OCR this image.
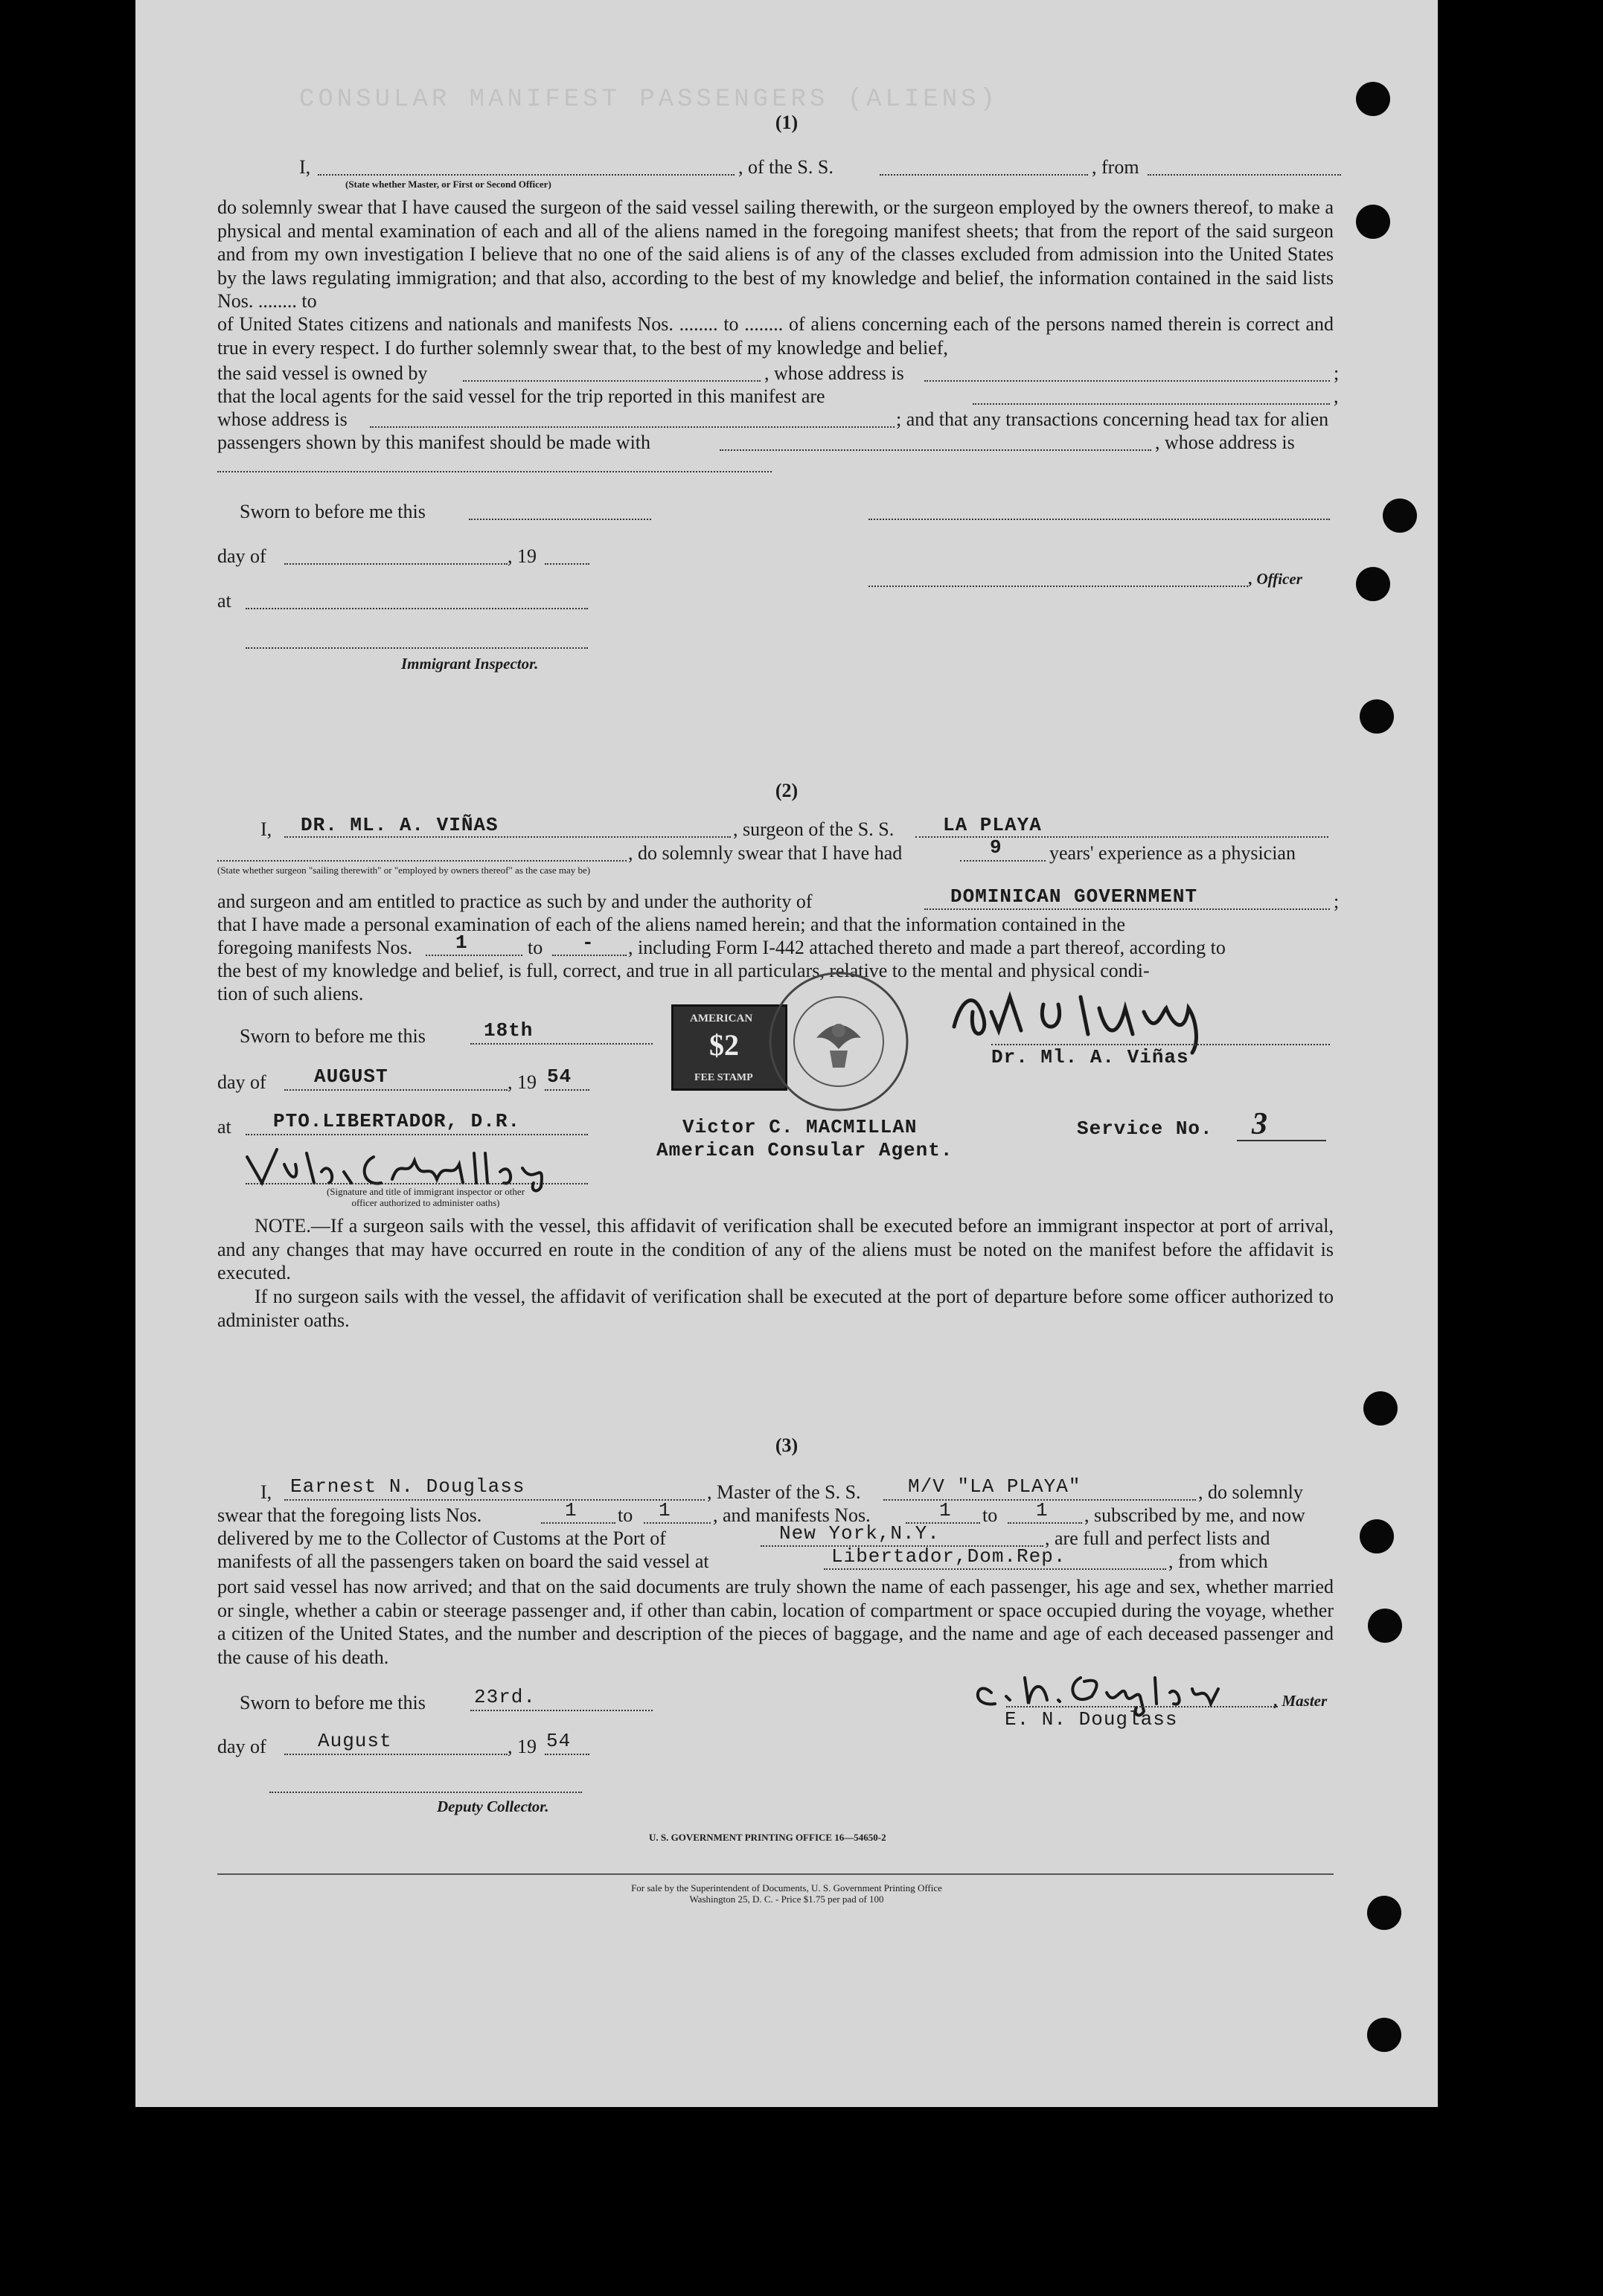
CONSULAR MANIFEST PASSENGERS (ALIENS)
(1)
I,	, of the S. S.	, from
(State whether Master, or First or Second Officer)
do solemnly swear that I have caused the surgeon of the said vessel sailing therewith, or the surgeon employed by the owners thereof, to make a physical and mental examination of each and all of the aliens named in the foregoing manifest sheets; that from the report of the said surgeon and from my own investigation I believe that no one of the said aliens is of any of the classes excluded from admission into the United States by the laws regulating immigration; and that also, according to the best of my knowledge and belief, the information contained in the said lists Nos. ........ to
of United States citizens and nationals and manifests Nos. ........ to ........ of aliens concerning each of the persons named therein is correct and true in every respect. I do further solemnly swear that, to the best of my knowledge and belief,
the said vessel is owned by	, whose address is	;
that the local agents for the said vessel for the trip reported in this manifest are	,
whose address is	; and that any transactions concerning head tax for alien
passengers shown by this manifest should be made with	, whose address is
Sworn to before me this
day of	, 19
at
, Officer
Immigrant Inspector.
(2)
I, DR. ML. A. VIÑAS	, surgeon of the S. S.	LA PLAYA
, do solemnly swear that I have had	9 years' experience as a physician
(State whether surgeon "sailing therewith" or "employed by owners thereof" as the case may be)
and surgeon and am entitled to practice as such by and under the authority of	DOMINICAN GOVERNMENT	;
that I have made a personal examination of each of the aliens named herein; and that the information contained in the
foregoing manifests Nos. 1	to - , including Form I-442 attached thereto and made a part thereof, according to
the best of my knowledge and belief, is full, correct, and true in all particulars, relative to the mental and physical condi-
tion of such aliens.
AMERICAN
$2
FEE STAMP
Dr. Ml. A. Viñas
Sworn to before me this	18th
day of AUGUST	, 19 54
at PTO.LIBERTADOR, D.R.	Victor C. MACMILLAN
American Consular Agent.
Service No. 3
(Signature and title of immigrant inspector or other officer authorized to administer oaths)
NOTE.—If a surgeon sails with the vessel, this affidavit of verification shall be executed before an immigrant inspector at port of arrival, and any changes that may have occurred en route in the condition of any of the aliens must be noted on the manifest before the affidavit is executed.
If no surgeon sails with the vessel, the affidavit of verification shall be executed at the port of departure before some officer authorized to administer oaths.
(3)
I, Earnest N. Douglass	, Master of the S. S. M/V "LA PLAYA"	, do solemnly
swear that the foregoing lists Nos.	1 to 1 , and manifests Nos.	1 to 1 , subscribed by me, and now
delivered by me to the Collector of Customs at the Port of	New York,N.Y.	, are full and perfect lists and
manifests of all the passengers taken on board the said vessel at	Libertador,Dom.Rep.	, from which
port said vessel has now arrived; and that on the said documents are truly shown the name of each passenger, his age and sex, whether married or single, whether a cabin or steerage passenger and, if other than cabin, location of compartment or space occupied during the voyage, whether a citizen of the United States, and the number and description of the pieces of baggage, and the name and age of each deceased passenger and the cause of his death.
Sworn to before me this	23rd.	, Master
E. N. Douglass
day of	August	, 19 54
Deputy Collector.
U. S. GOVERNMENT PRINTING OFFICE 16—54650-2
For sale by the Superintendent of Documents, U. S. Government Printing Office
Washington 25, D. C. - Price $1.75 per pad of 100
